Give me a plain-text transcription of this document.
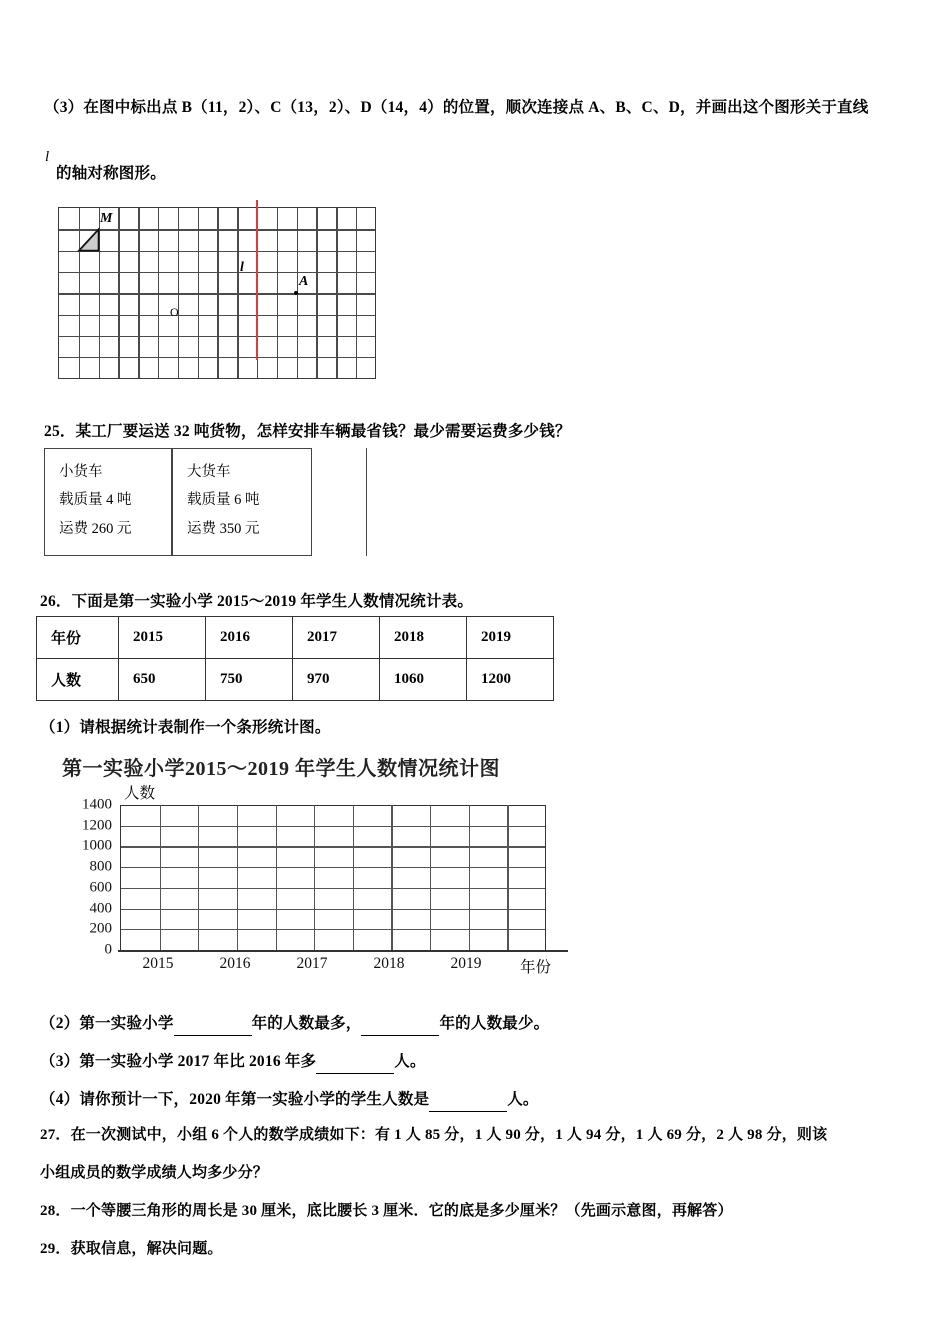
（3）在图中标出点 B（11，2）、C（13，2）、D（14，4）的位置，顺次连接点 A、B、C、D，并画出这个图形关于直线
l
的轴对称图形。
M
l
A
O
25．某工厂要运送 32 吨货物，怎样安排车辆最省钱？最少需要运费多少钱？
小货车
载质量 4 吨
运费 260 元
大货车
载质量 6 吨
运费 350 元
26．下面是第一实验小学 2015～2019 年学生人数情况统计表。
年份	2015	2016	2017	2018	2019
人数	650	750	970	1060	1200
（1）请根据统计表制作一个条形统计图。
第一实验小学2015～2019 年学生人数情况统计图
人数
1400
1200
1000
800
600
400
200
0
2015	2016	2017	2018	2019 年份
（2）第一实验小学	年的人数最多，	年的人数最少。
（3）第一实验小学 2017 年比 2016 年多	人。
（4）请你预计一下，2020 年第一实验小学的学生人数是	人。
27．在一次测试中，小组 6 个人的数学成绩如下：有 1 人 85 分，1 人 90 分，1 人 94 分，1 人 69 分，2 人 98 分，则该
小组成员的数学成绩人均多少分？
28．一个等腰三角形的周长是 30 厘米，底比腰长 3 厘米．它的底是多少厘米？（先画示意图，再解答）
29．获取信息，解决问题。
